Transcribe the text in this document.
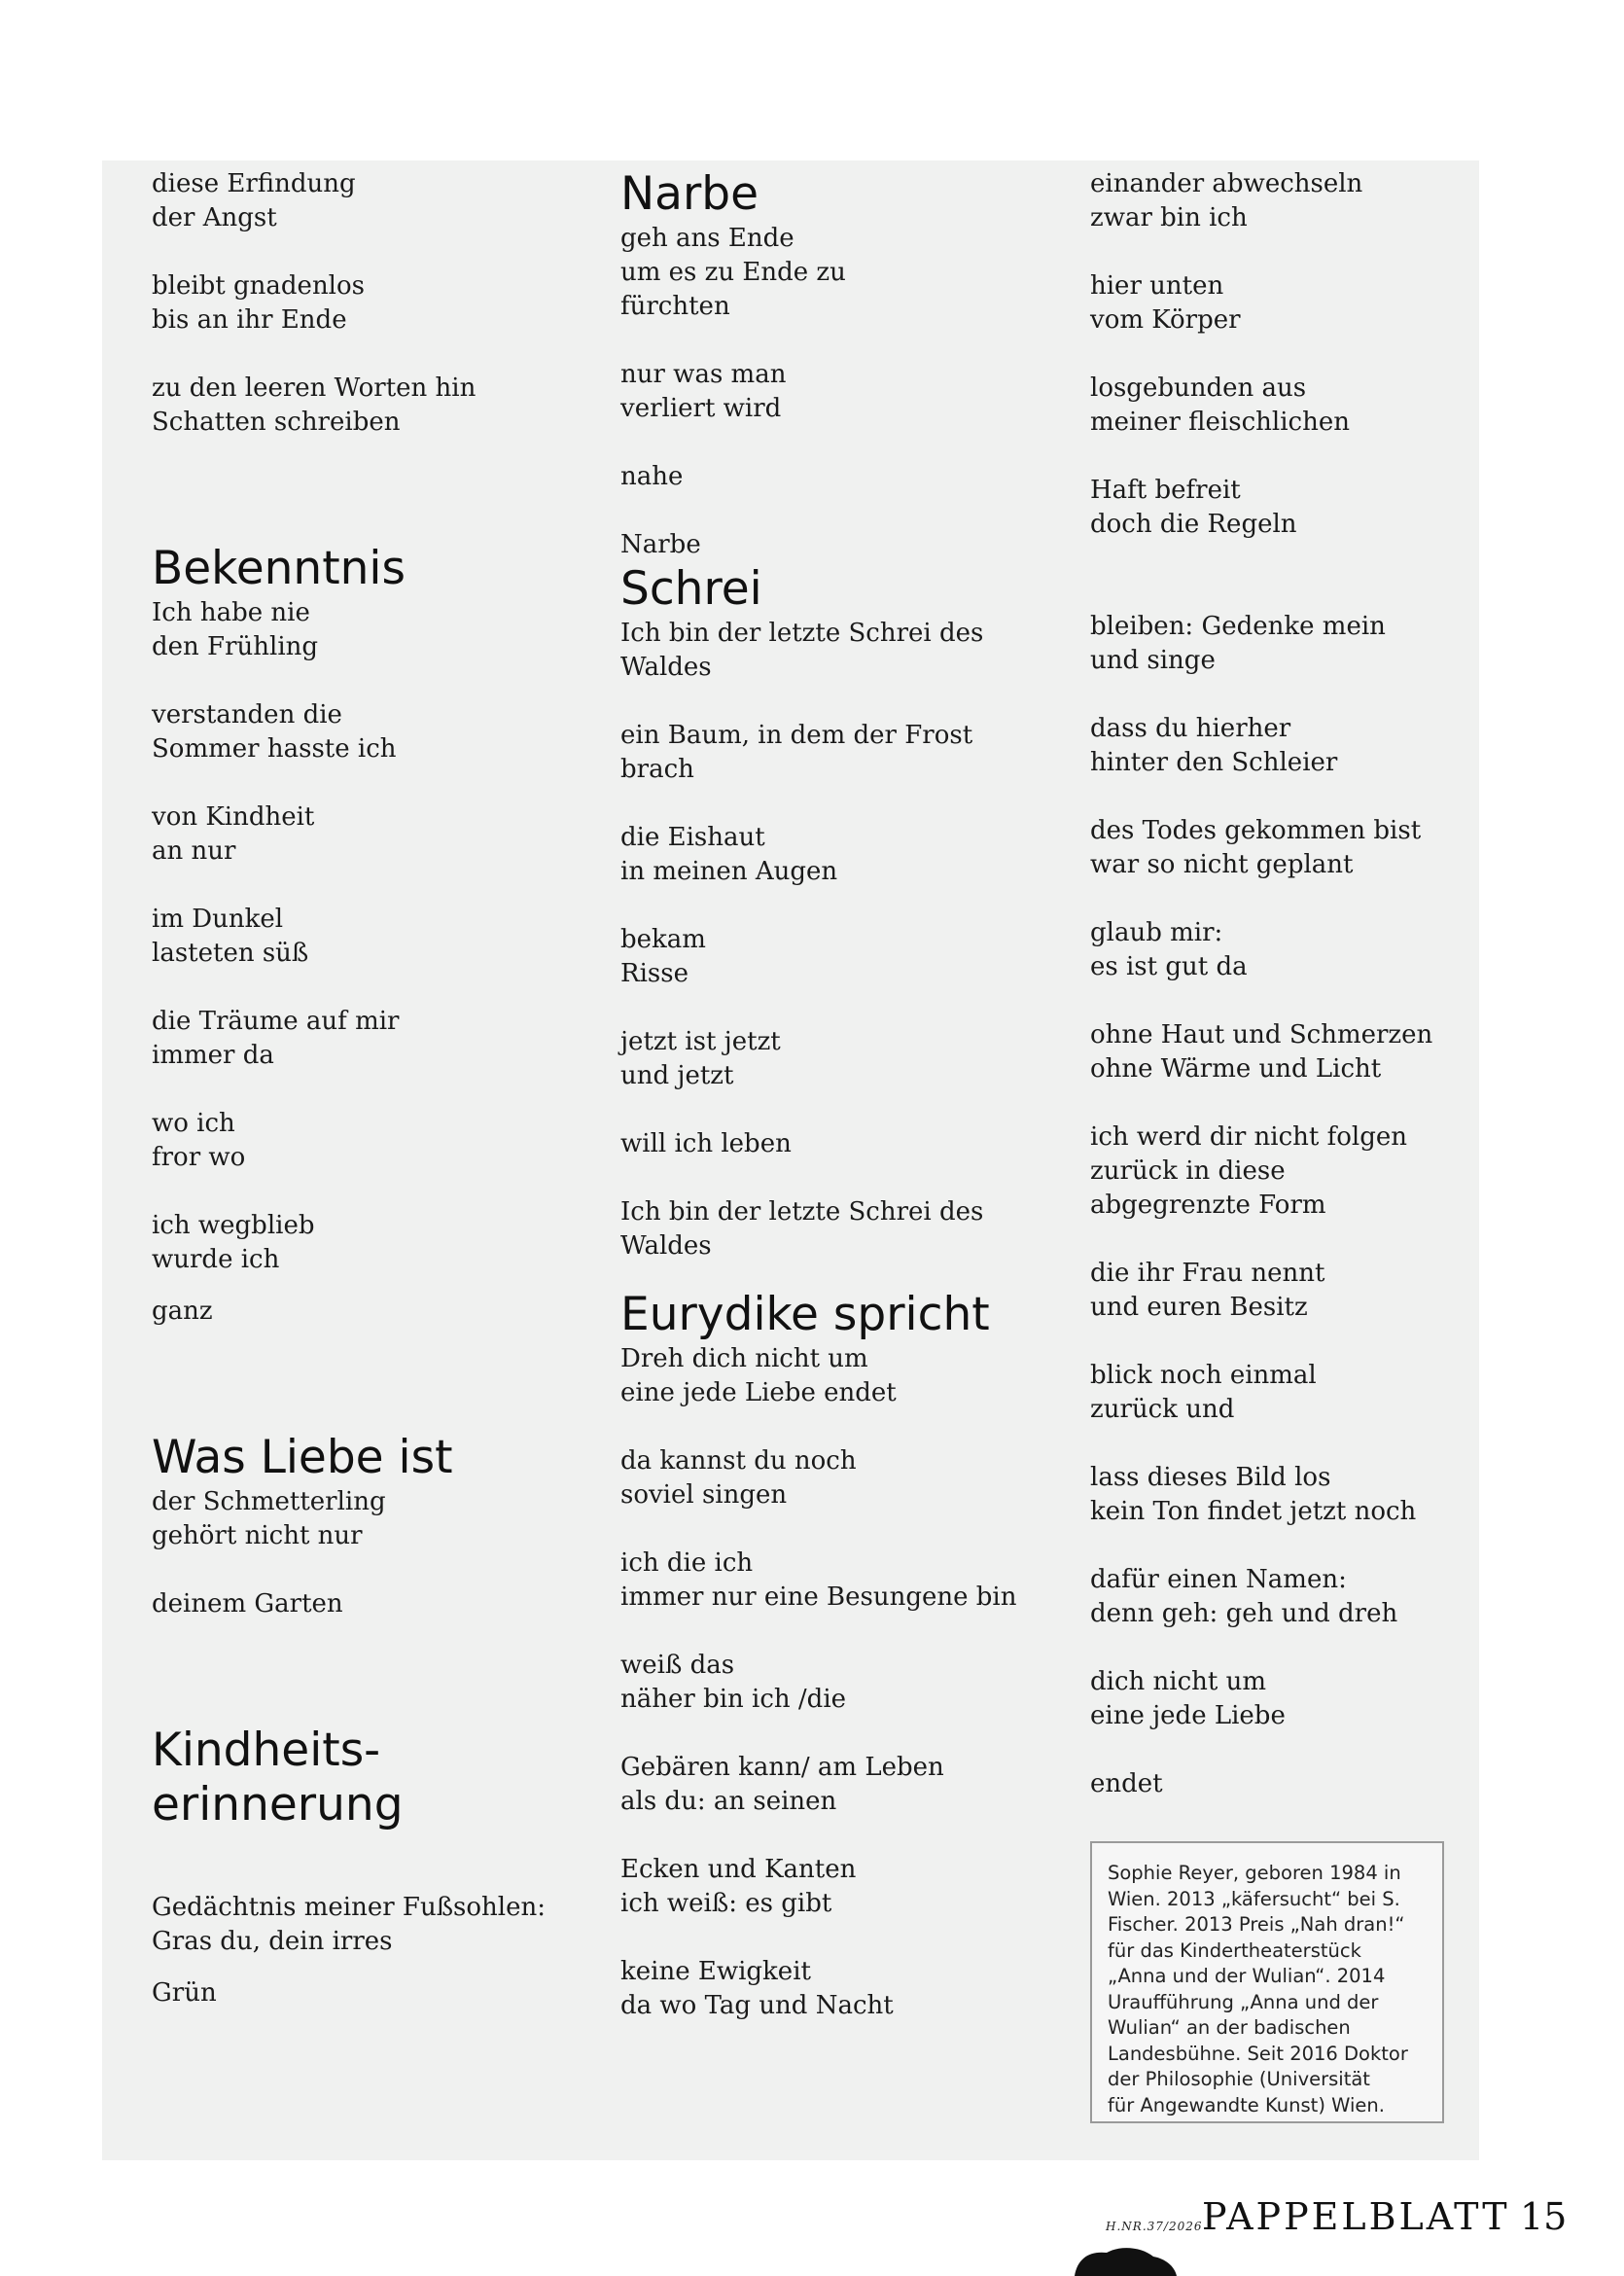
diese Erfindung
der Angst
bleibt gnadenlos
bis an ihr Ende
zu den leeren Worten hin
Schatten schreiben
Bekenntnis
Ich habe nie
den Frühling
verstanden die
Sommer hasste ich
von Kindheit
an nur
im Dunkel
lasteten süß
die Träume auf mir
immer da
wo ich
fror wo
ich wegblieb
wurde ich
ganz
Was Liebe ist
der Schmetterling
gehört nicht nur
deinem Garten
Kindheits-
erinnerung
Gedächtnis meiner Fußsohlen:
Gras du, dein irres
Grün
Narbe
geh ans Ende
um es zu Ende zu
fürchten
nur was man
verliert wird
nahe
Narbe
Schrei
Ich bin der letzte Schrei des
Waldes
ein Baum, in dem der Frost
brach
die Eishaut
in meinen Augen
bekam
Risse
jetzt ist jetzt
und jetzt
will ich leben
Ich bin der letzte Schrei des
Waldes
Eurydike spricht
Dreh dich nicht um
eine jede Liebe endet
da kannst du noch
soviel singen
ich die ich
immer nur eine Besungene bin
weiß das
näher bin ich /die
Gebären kann/ am Leben
als du: an seinen
Ecken und Kanten
ich weiß: es gibt
keine Ewigkeit
da wo Tag und Nacht
einander abwechseln
zwar bin ich
hier unten
vom Körper
losgebunden aus
meiner fleischlichen
Haft befreit
doch die Regeln
bleiben: Gedenke mein
und singe
dass du hierher
hinter den Schleier
des Todes gekommen bist
war so nicht geplant
glaub mir:
es ist gut da
ohne Haut und Schmerzen
ohne Wärme und Licht
ich werd dir nicht folgen
zurück in diese
abgegrenzte Form
die ihr Frau nennt
und euren Besitz
blick noch einmal
zurück und
lass dieses Bild los
kein Ton findet jetzt noch
dafür einen Namen:
denn geh: geh und dreh
dich nicht um
eine jede Liebe
endet
Sophie Reyer, geboren 1984 in
Wien. 2013 „käfersucht“ bei S.
Fischer. 2013 Preis „Nah dran!“
für das Kindertheaterstück
„Anna und der Wulian“. 2014
Uraufführung „Anna und der
Wulian“ an der badischen
Landesbühne. Seit 2016 Doktor
der Philosophie (Universität
für Angewandte Kunst) Wien.
H.NR.37/2026 PAPPELBLATT 15
